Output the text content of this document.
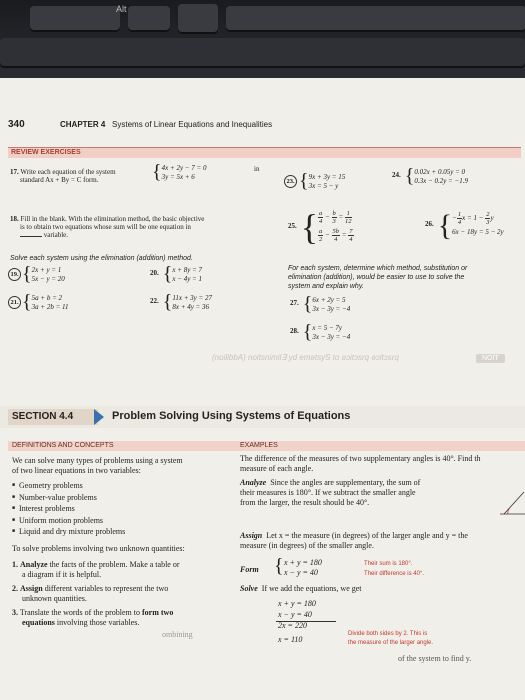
Alt
340	CHAPTER 4 Systems of Linear Equations and Inequalities
REVIEW EXERCISES
17. Write each equation of the system
standard Ax + By = C form.	{ 4x + 2y − 7 = 0
3y = 5x + 6
in
23. { 9x + 3y = 15
3x = 5 − y
24. { 0.02x + 0.05y = 0
0.3x − 0.2y = −1.9
18. Fill in the blank. With the elimination method, the basic objective
is to obtain two equations whose sum will be one equation in
variable.
25. { $\frac{a}{4} - \frac{b}{3} = \frac{1}{12}$
$\frac{a}{2} - \frac{5b}{4} = \frac{7}{4}$
26. { − $\frac{1}{4}x = 1 - \frac{2}{3}y$
6x − 18y = 5 − 2y
Solve each system using the elimination (addition) method.
19. { 2x + y = 1
5x − y = 20
20. { x + 8y = 7
x − 4y = 1
21. { 5a + b = 2
3a + 2b = 11
22. { 11x + 3y = 27
8x + 4y = 36
For each system, determine which method, substitution or
elimination (addition), would be easier to use to solve the
system and explain why.
27. { 6x + 2y = 5
3x − 3y = −4
28. { x = 5 − 7y
3x − 3y = −4
(noilibbA) noitsnimil∃ yd emətsyS to əɔitɔsrq əɔitɔsrq	NOIT
SECTION 4.4	Problem Solving Using Systems of Equations
DEFINITIONS AND CONCEPTS	EXAMPLES
We can solve many types of problems using a system
of two linear equations in two variables:
■ Geometry problems
■ Number-value problems
■ Interest problems
■ Uniform motion problems
■ Liquid and dry mixture problems
To solve problems involving two unknown quantities:
1. Analyze the facts of the problem. Make a table or
a diagram if it is helpful.
2. Assign different variables to represent the two
unknown quantities.
3. Translate the words of the problem to form two
equations involving those variables.
ombining
The difference of the measures of two supplementary angles is 40°. Find th
measure of each angle.
Analyze Since the angles are supplementary, the sum of
their measures is 180°. If we subtract the smaller angle
from the larger, the result should be 40°.
Assign Let x = the measure (in degrees) of the larger angle and y = the
measure (in degrees) of the smaller angle.
Form { x + y = 180
x − y = 40
Their sum is 180°.
Their difference is 40°.
Solve If we add the equations, we get
x + y = 180
x − y = 40
2x = 220
x = 110
Divide both sides by 2. This is
the measure of the larger angle.
of the system to find y.
